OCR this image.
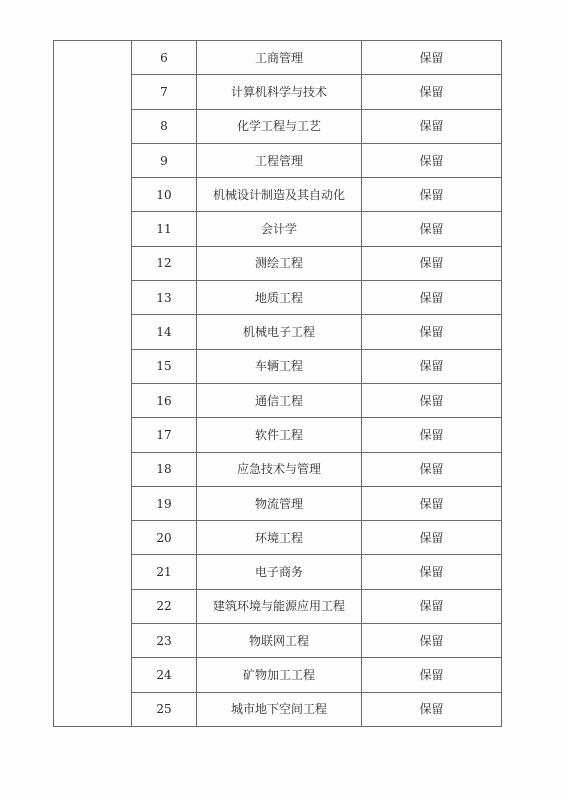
	6	工商管理	保留
	7	计算机科学与技术	保留
	8	化学工程与工艺	保留
	9	工程管理	保留
	10	机械设计制造及其自动化	保留
	11	会计学	保留
	12	测绘工程	保留
	13	地质工程	保留
	14	机械电子工程	保留
	15	车辆工程	保留
	16	通信工程	保留
	17	软件工程	保留
	18	应急技术与管理	保留
	19	物流管理	保留
	20	环境工程	保留
	21	电子商务	保留
	22	建筑环境与能源应用工程	保留
	23	物联网工程	保留
	24	矿物加工工程	保留
	25	城市地下空间工程	保留
